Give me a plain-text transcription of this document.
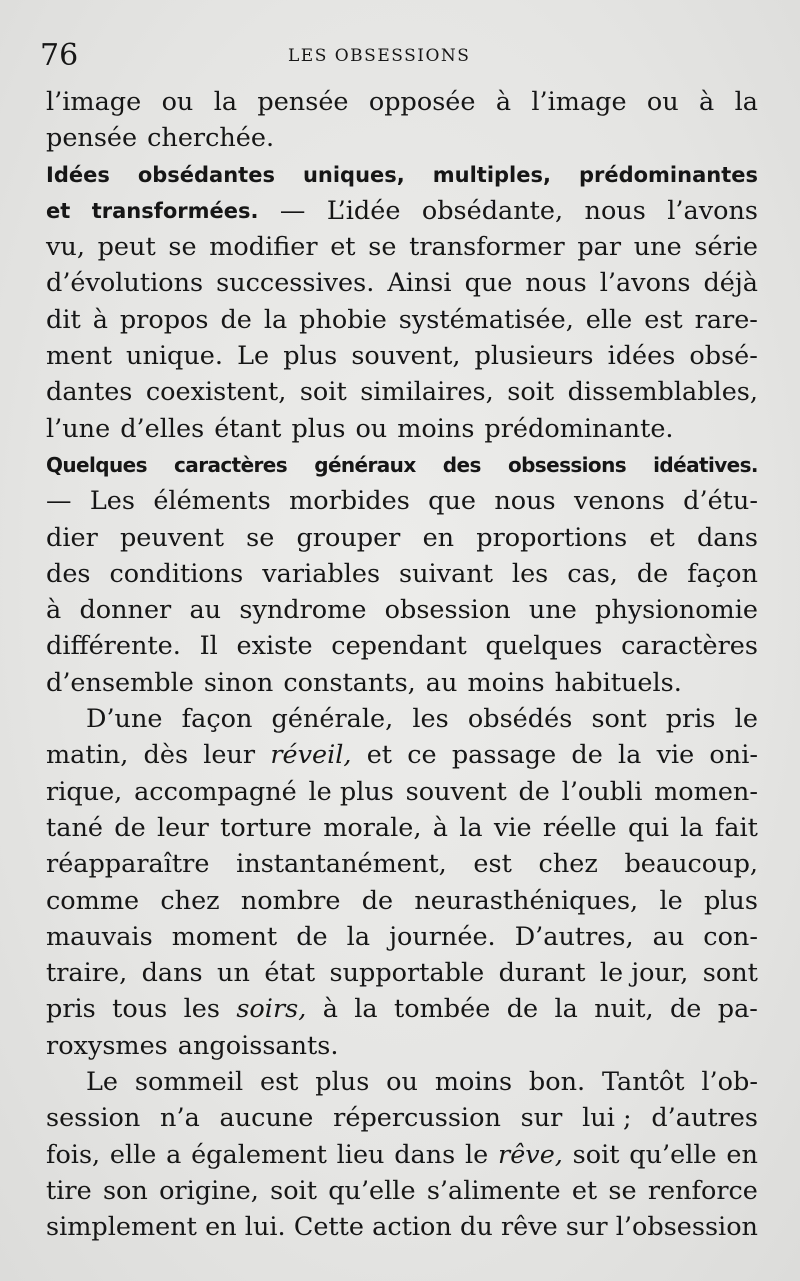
76	LES OBSESSIONS
l’image ou la pensée opposée à l’image ou à la
pensée cherchée.
Idées obsédantes uniques, multiples, prédominantes
et transformées. — L’idée obsédante, nous l’avons
vu, peut se modifier et se transformer par une série
d’évolutions successives. Ainsi que nous l’avons déjà
dit à propos de la phobie systématisée, elle est rare-
ment unique. Le plus souvent, plusieurs idées obsé-
dantes coexistent, soit similaires, soit dissemblables,
l’une d’elles étant plus ou moins prédominante.
Quelques caractères généraux des obsessions idéatives.
— Les éléments morbides que nous venons d’étu-
dier peuvent se grouper en proportions et dans
des conditions variables suivant les cas, de façon
à donner au syndrome obsession une physionomie
différente. Il existe cependant quelques caractères
d’ensemble sinon constants, au moins habituels.
D’une façon générale, les obsédés sont pris le
matin, dès leur réveil, et ce passage de la vie oni-
rique, accompagné le plus souvent de l’oubli momen-
tané de leur torture morale, à la vie réelle qui la fait
réapparaître instantanément, est chez beaucoup,
comme chez nombre de neurasthéniques, le plus
mauvais moment de la journée. D’autres, au con-
traire, dans un état supportable durant le jour, sont
pris tous les soirs, à la tombée de la nuit, de pa-
roxysmes angoissants.
Le sommeil est plus ou moins bon. Tantôt l’ob-
session n’a aucune répercussion sur lui ; d’autres
fois, elle a également lieu dans le rêve, soit qu’elle en
tire son origine, soit qu’elle s’alimente et se renforce
simplement en lui. Cette action du rêve sur l’obsession
